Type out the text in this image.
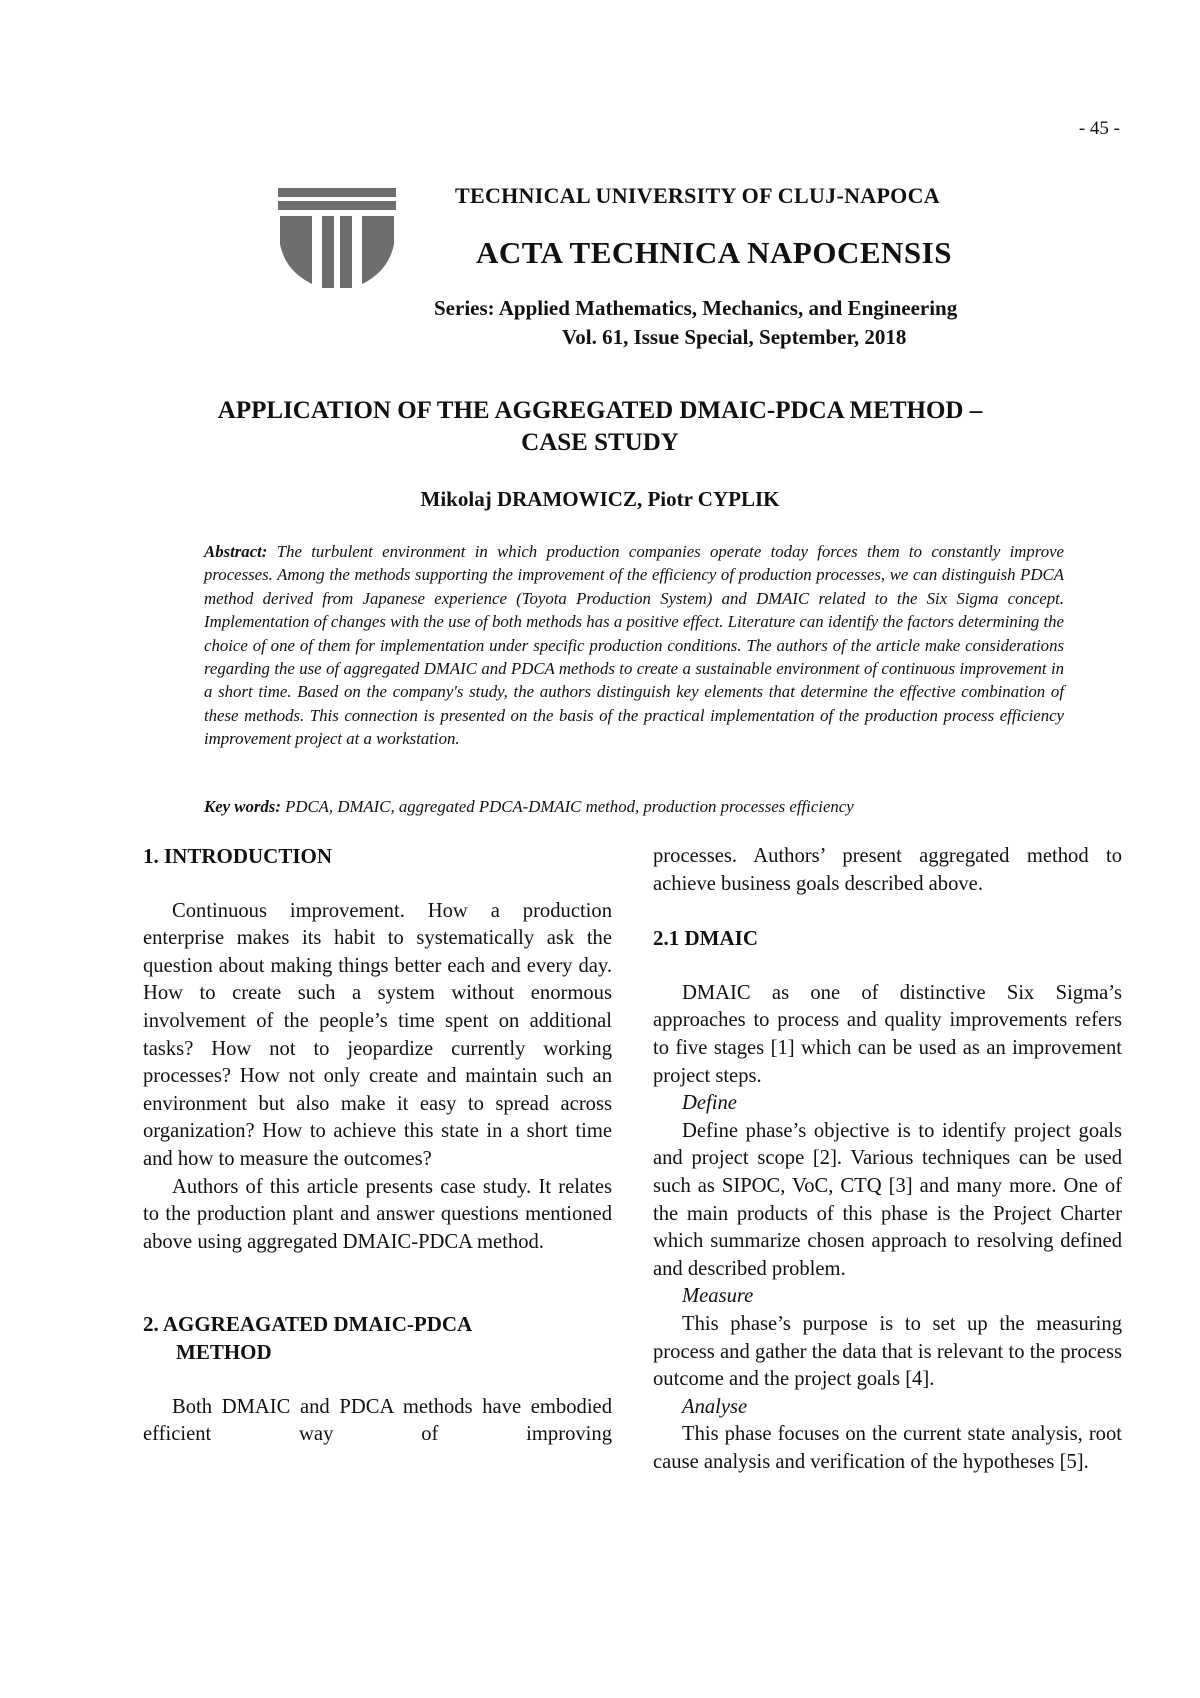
- 45 -
TECHNICAL UNIVERSITY OF CLUJ-NAPOCA
ACTA TECHNICA NAPOCENSIS
Series: Applied Mathematics, Mechanics, and Engineering
Vol. 61, Issue Special, September, 2018
APPLICATION OF THE AGGREGATED DMAIC-PDCA METHOD –
CASE STUDY
Mikolaj DRAMOWICZ, Piotr CYPLIK
Abstract: The turbulent environment in which production companies operate today forces them to constantly improve processes. Among the methods supporting the improvement of the efficiency of production processes, we can distinguish PDCA method derived from Japanese experience (Toyota Production System) and DMAIC related to the Six Sigma concept. Implementation of changes with the use of both methods has a positive effect. Literature can identify the factors determining the choice of one of them for implementation under specific production conditions. The authors of the article make considerations regarding the use of aggregated DMAIC and PDCA methods to create a sustainable environment of continuous improvement in a short time. Based on the company's study, the authors distinguish key elements that determine the effective combination of these methods. This connection is presented on the basis of the practical implementation of the production process efficiency improvement project at a workstation.
Key words: PDCA, DMAIC, aggregated PDCA-DMAIC method, production processes efficiency
1. INTRODUCTION

Continuous improvement. How a production enterprise makes its habit to systematically ask the question about making things better each and every day. How to create such a system without enormous involvement of the people’s time spent on additional tasks? How not to jeopardize currently working processes? How not only create and maintain such an environment but also make it easy to spread across organization? How to achieve this state in a short time and how to measure the outcomes?

Authors of this article presents case study. It relates to the production plant and answer questions mentioned above using aggregated DMAIC-PDCA method.

2. AGGREAGATED DMAIC-PDCA
METHOD

Both DMAIC and PDCA methods have embodied efficient way of improving

processes. Authors’ present aggregated method to achieve business goals described above.

2.1 DMAIC

DMAIC as one of distinctive Six Sigma’s approaches to process and quality improvements refers to five stages [1] which can be used as an improvement project steps.

Define

Define phase’s objective is to identify project goals and project scope [2]. Various techniques can be used such as SIPOC, VoC, CTQ [3] and many more. One of the main products of this phase is the Project Charter which summarize chosen approach to resolving defined and described problem.

Measure

This phase’s purpose is to set up the measuring process and gather the data that is relevant to the process outcome and the project goals [4].

Analyse

This phase focuses on the current state analysis, root cause analysis and verification of the hypotheses [5].
